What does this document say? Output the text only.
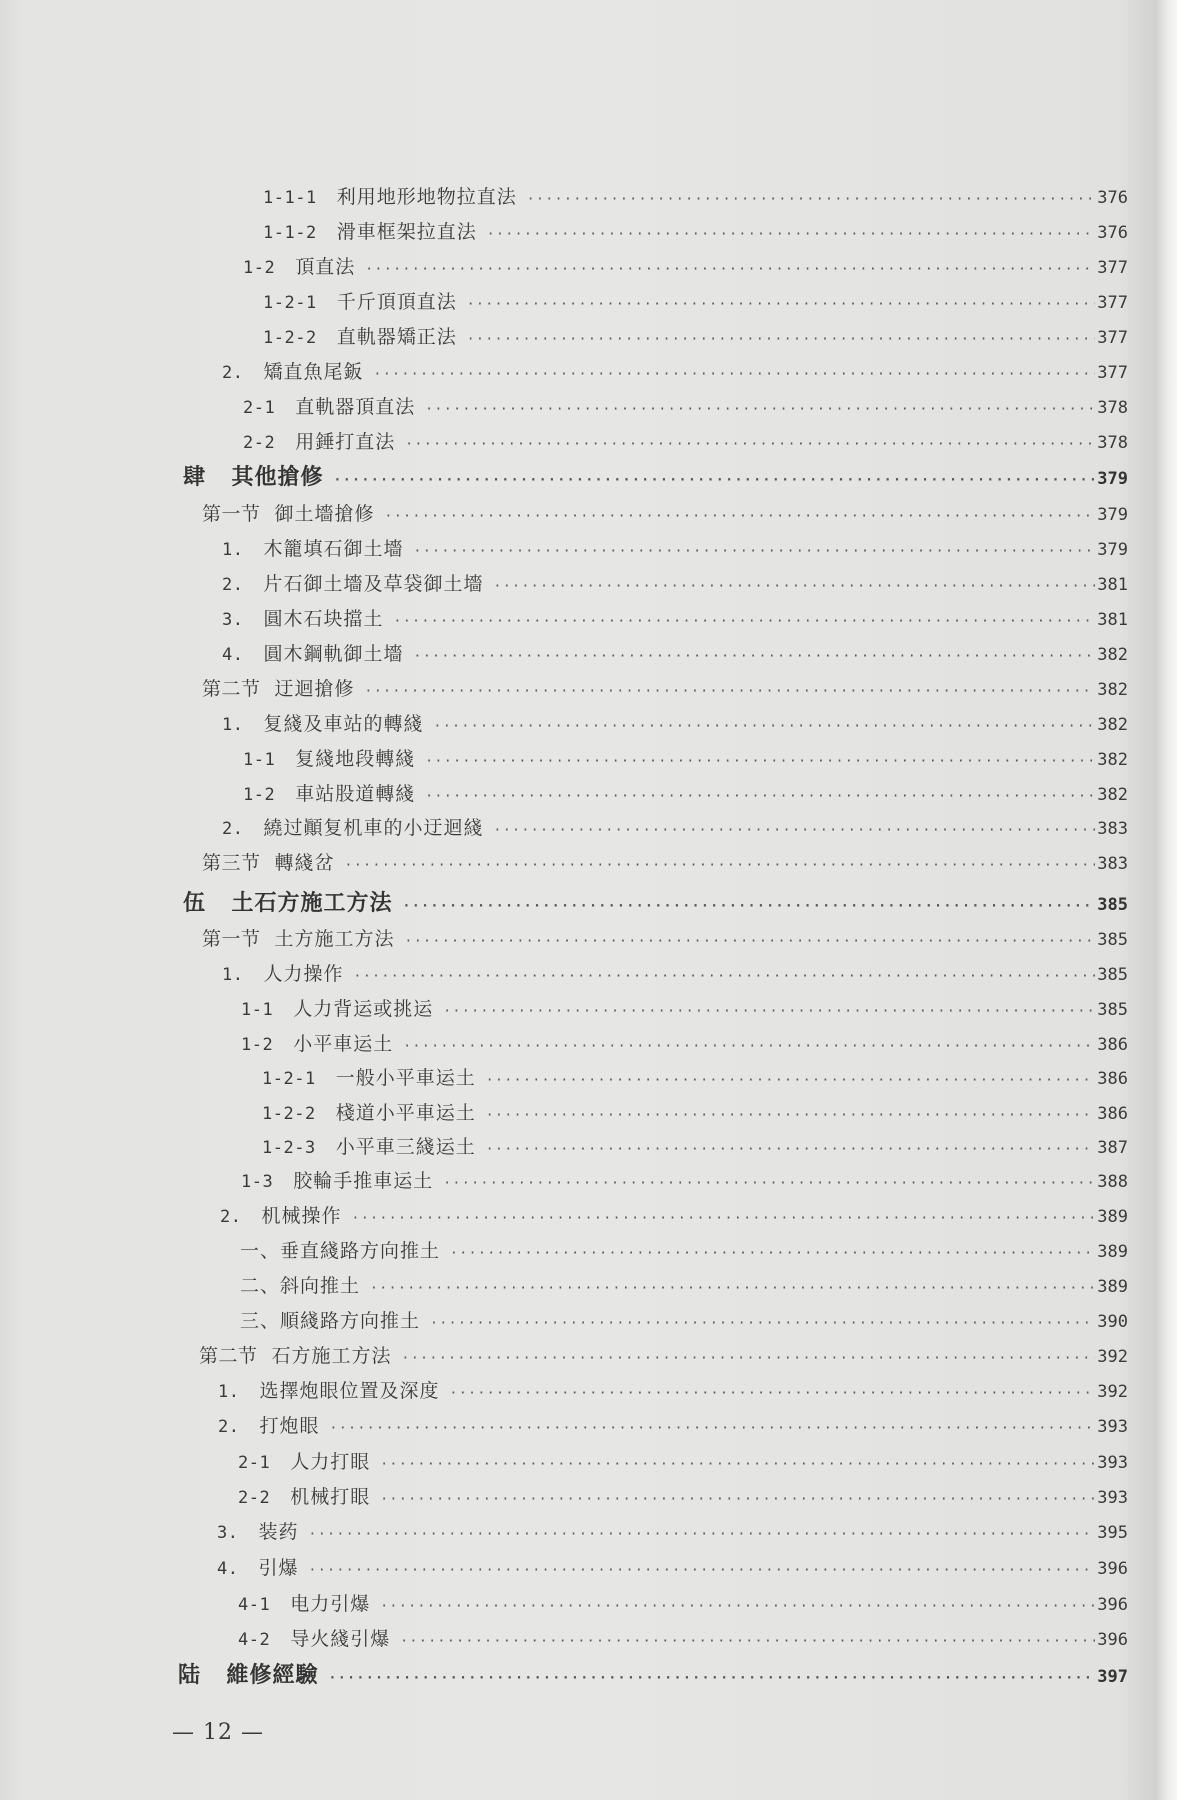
1-1-1 利用地形地物拉直法 ·····	376
1-1-2 滑車框架拉直法 ·····	376
1-2 頂直法 ·····	377
1-2-1 千斤頂頂直法 ·····	377
1-2-2 直軌器矯正法 ·····	377
2. 矯直魚尾鈑 ·····	377
2-1 直軌器頂直法 ·····	378
2-2 用錘打直法 ·····	378
肆 其他搶修 ·····	379
第一节 御土墻搶修 ·····	379
1. 木籠填石御土墻 ·····	379
2. 片石御土墻及草袋御土墻 ·····	381
3. 圓木石块擋土 ·····	381
4. 圓木鋼軌御土墻 ·····	382
第二节 迂迴搶修 ·····	382
1. 复綫及車站的轉綫 ·····	382
1-1 复綫地段轉綫 ·····	382
1-2 車站股道轉綫 ·····	382
2. 繞过顚复机車的小迂迴綫 ·····	383
第三节 轉綫岔 ·····	383
伍 土石方施工方法 ·····	385
第一节 土方施工方法 ·····	385
1. 人力操作 ·····	385
1-1 人力背运或挑运 ·····	385
1-2 小平車运土 ·····	386
1-2-1 一般小平車运土 ·····	386
1-2-2 棧道小平車运土 ·····	386
1-2-3 小平車三綫运土 ·····	387
1-3 胶輪手推車运土 ·····	388
2. 机械操作 ·····	389
一、垂直綫路方向推土 ·····	389
二、斜向推土 ·····	389
三、順綫路方向推土 ·····	390
第二节 石方施工方法 ·····	392
1. 选擇炮眼位置及深度 ·····	392
2. 打炮眼 ·····	393
2-1 人力打眼 ·····	393
2-2 机械打眼 ·····	393
3. 装药 ·····	395
4. 引爆 ·····	396
4-1 电力引爆 ·····	396
4-2 导火綫引爆 ·····	396
陆 維修經驗 ·····	397
— 12 —
